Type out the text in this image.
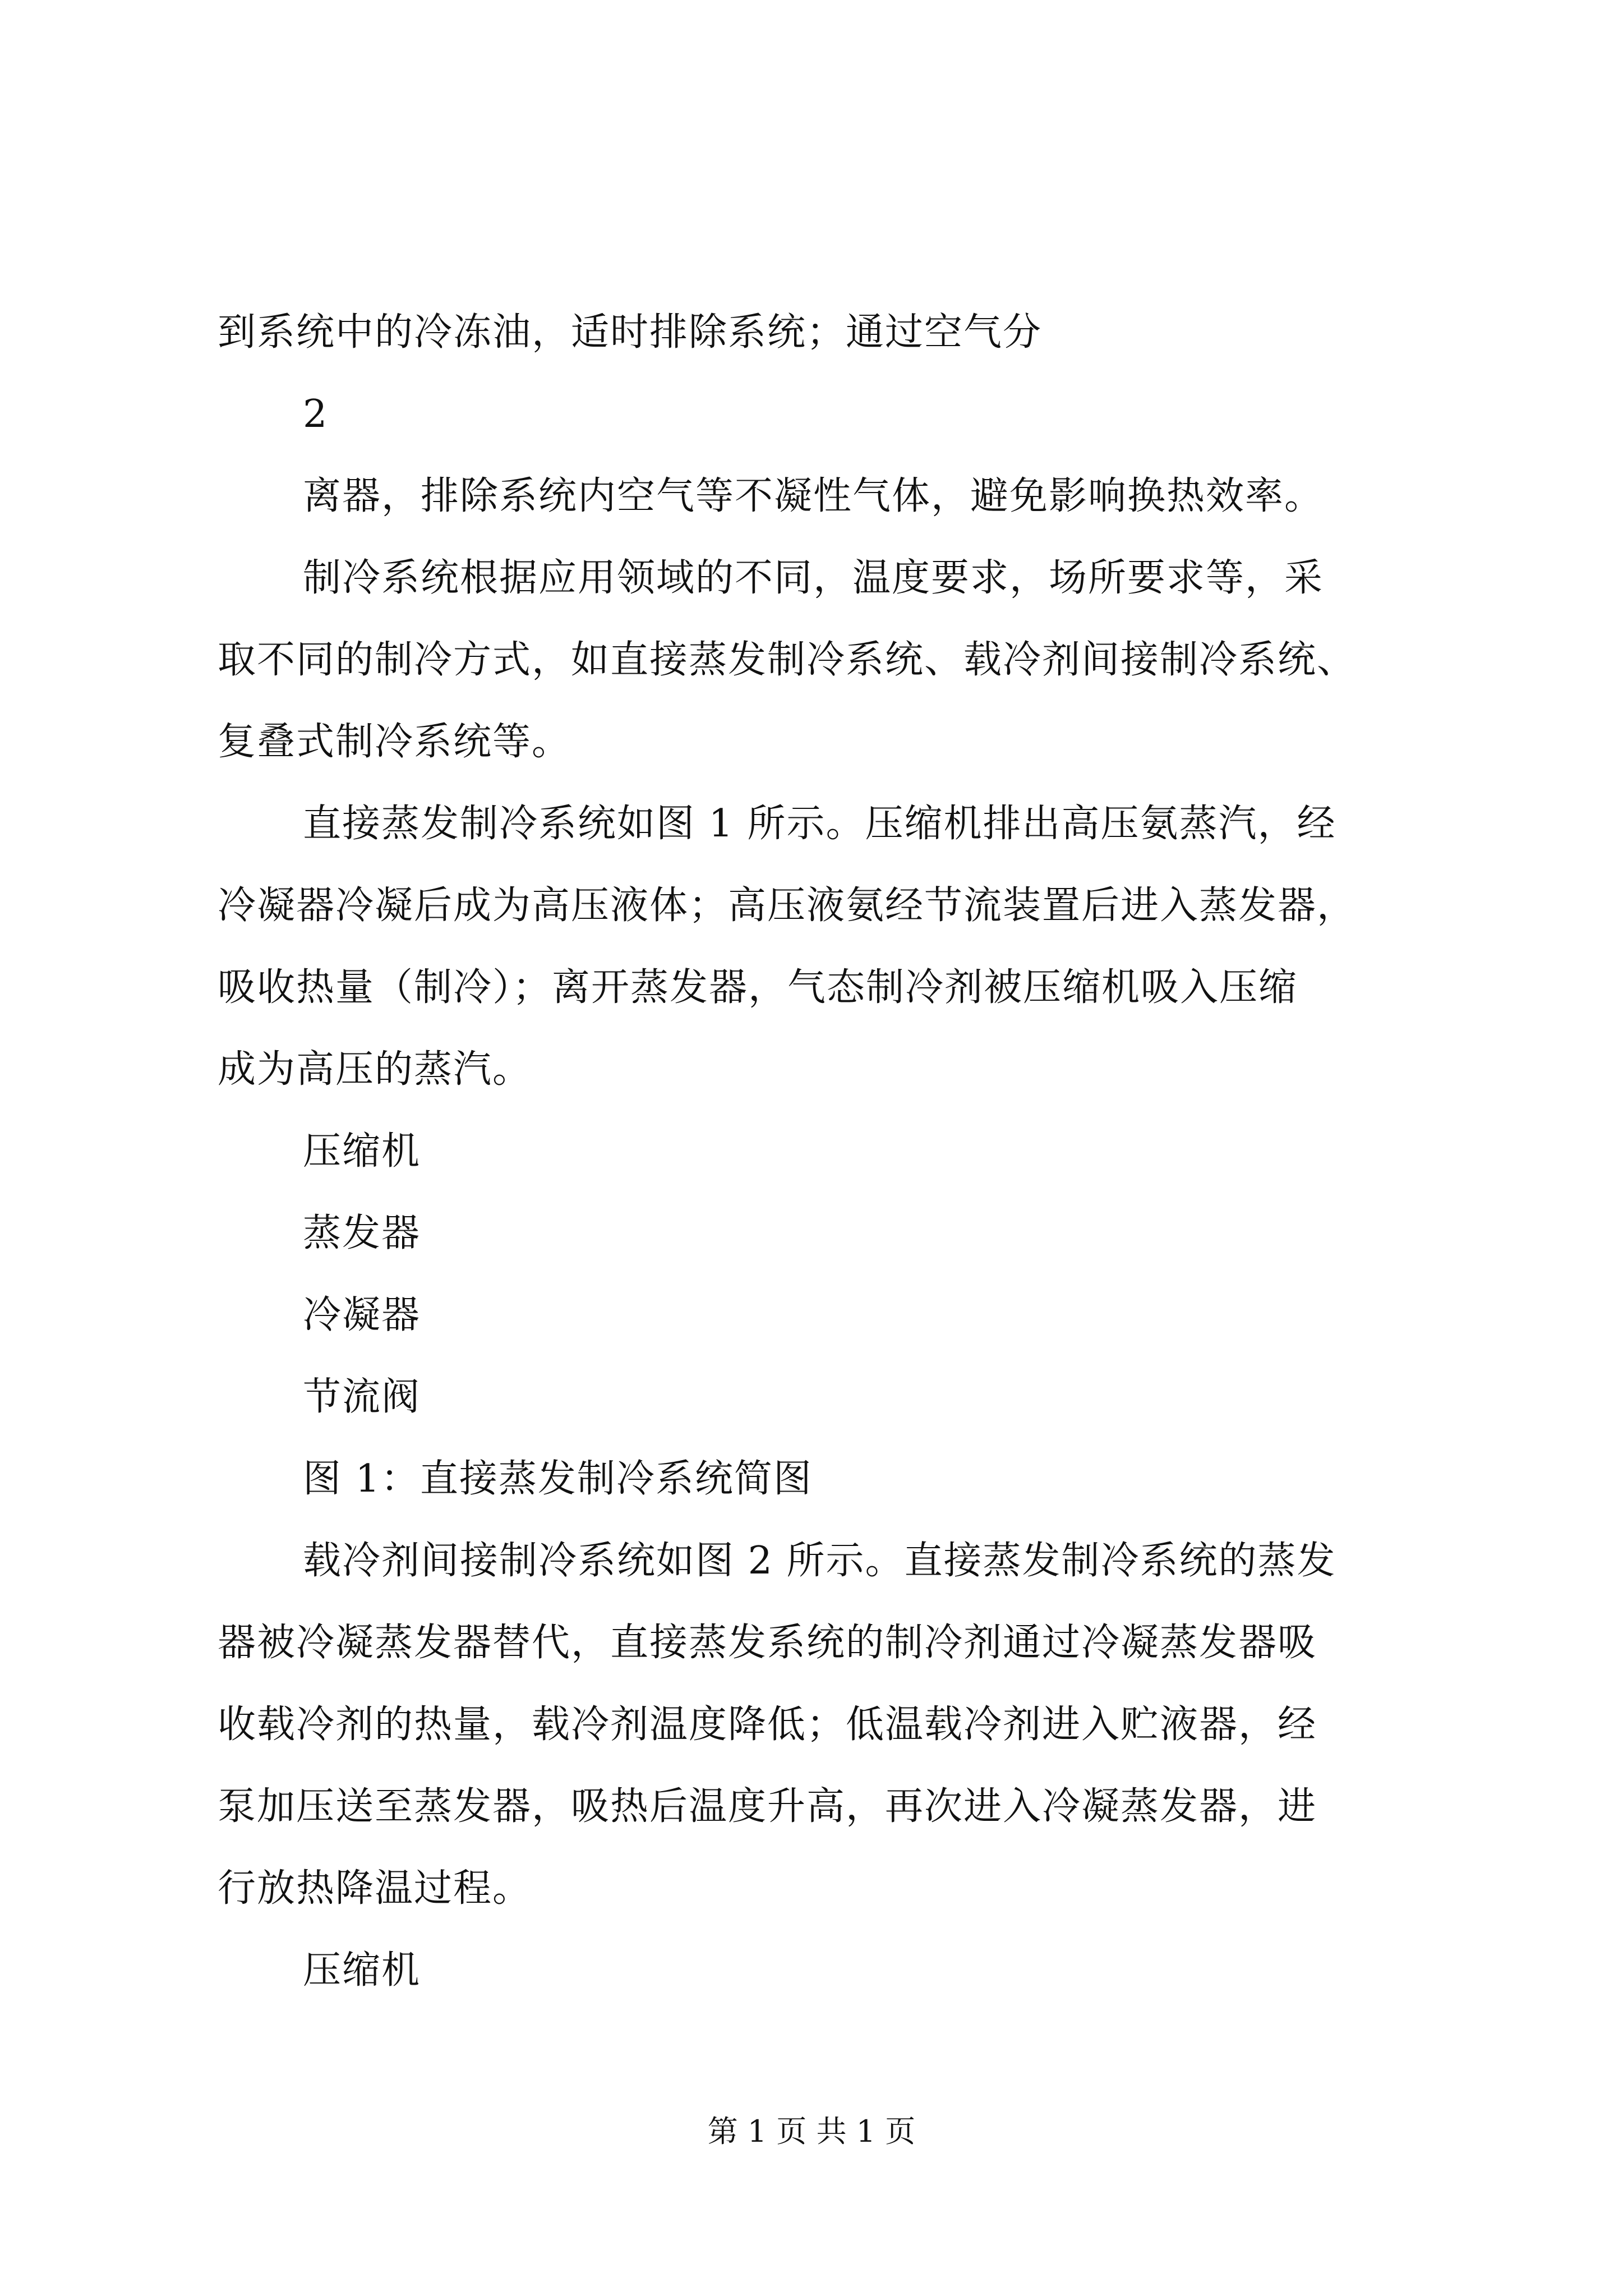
到系统中的冷冻油，适时排除系统；通过空气分
2
离器，排除系统内空气等不凝性气体，避免影响换热效率。
制冷系统根据应用领域的不同，温度要求，场所要求等，采
取不同的制冷方式，如直接蒸发制冷系统、载冷剂间接制冷系统、
复叠式制冷系统等。
直接蒸发制冷系统如图 1 所示。压缩机排出高压氨蒸汽，经
冷凝器冷凝后成为高压液体；高压液氨经节流装置后进入蒸发器，
吸收热量（制冷）；离开蒸发器，气态制冷剂被压缩机吸入压缩
成为高压的蒸汽。
压缩机
蒸发器
冷凝器
节流阀
图 1：直接蒸发制冷系统简图
载冷剂间接制冷系统如图 2 所示。直接蒸发制冷系统的蒸发
器被冷凝蒸发器替代，直接蒸发系统的制冷剂通过冷凝蒸发器吸
收载冷剂的热量，载冷剂温度降低；低温载冷剂进入贮液器，经
泵加压送至蒸发器，吸热后温度升高，再次进入冷凝蒸发器，进
行放热降温过程。
压缩机
第 1 页 共 1 页
